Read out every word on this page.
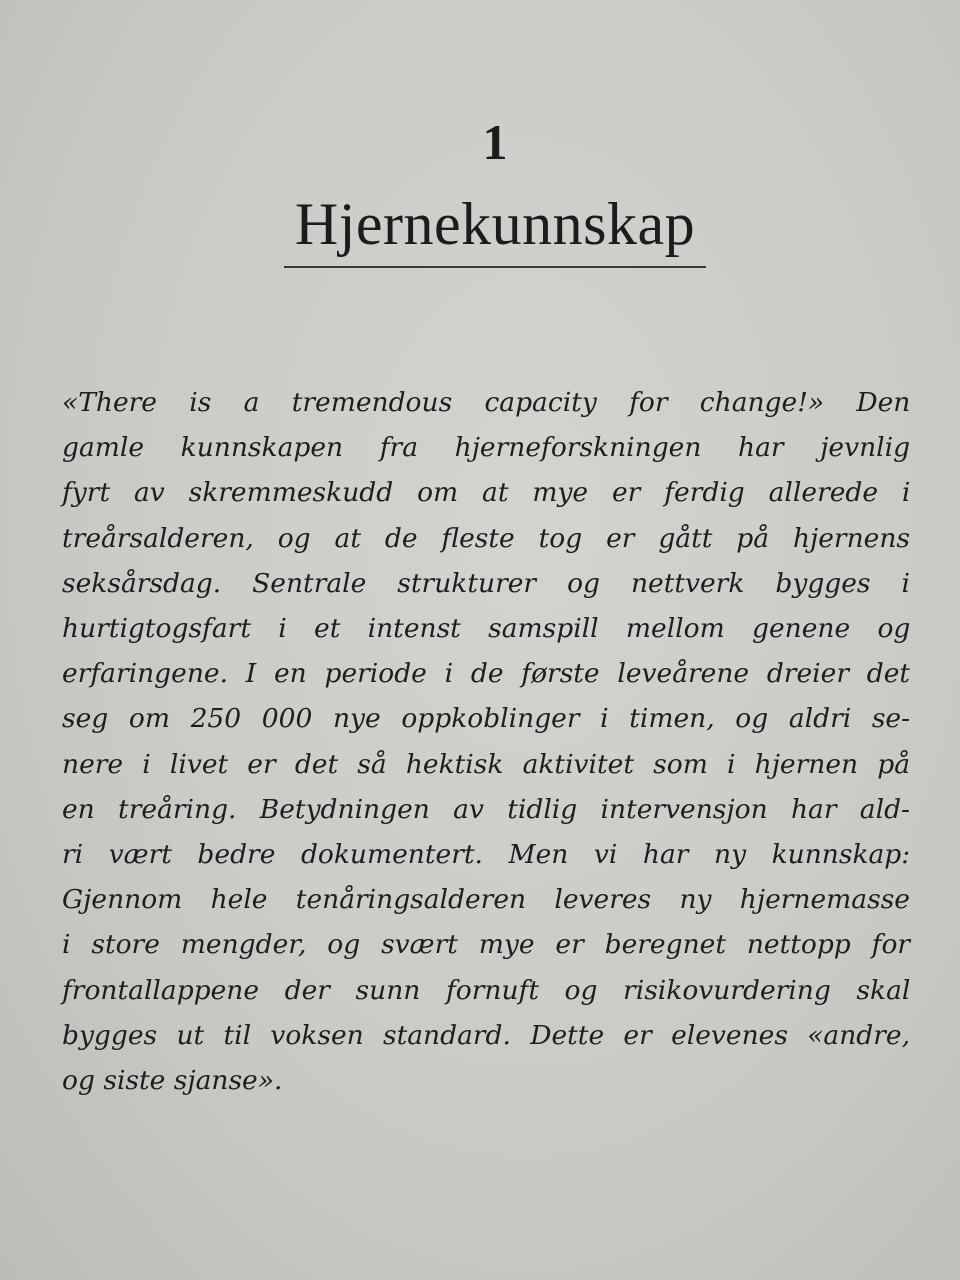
1
Hjernekunnskap

«There is a tremendous capacity for change!» Den
gamle kunnskapen fra hjerneforskningen har jevnlig
fyrt av skremmeskudd om at mye er ferdig allerede i
treårsalderen, og at de fleste tog er gått på hjernens
seksårsdag. Sentrale strukturer og nettverk bygges i
hurtigtogsfart i et intenst samspill mellom genene og
erfaringene. I en periode i de første leveårene dreier det
seg om 250 000 nye oppkoblinger i timen, og aldri se-
nere i livet er det så hektisk aktivitet som i hjernen på
en treåring. Betydningen av tidlig intervensjon har ald-
ri vært bedre dokumentert. Men vi har ny kunnskap:
Gjennom hele tenåringsalderen leveres ny hjernemasse
i store mengder, og svært mye er beregnet nettopp for
frontallappene der sunn fornuft og risikovurdering skal
bygges ut til voksen standard. Dette er elevenes «andre,
og siste sjanse».
